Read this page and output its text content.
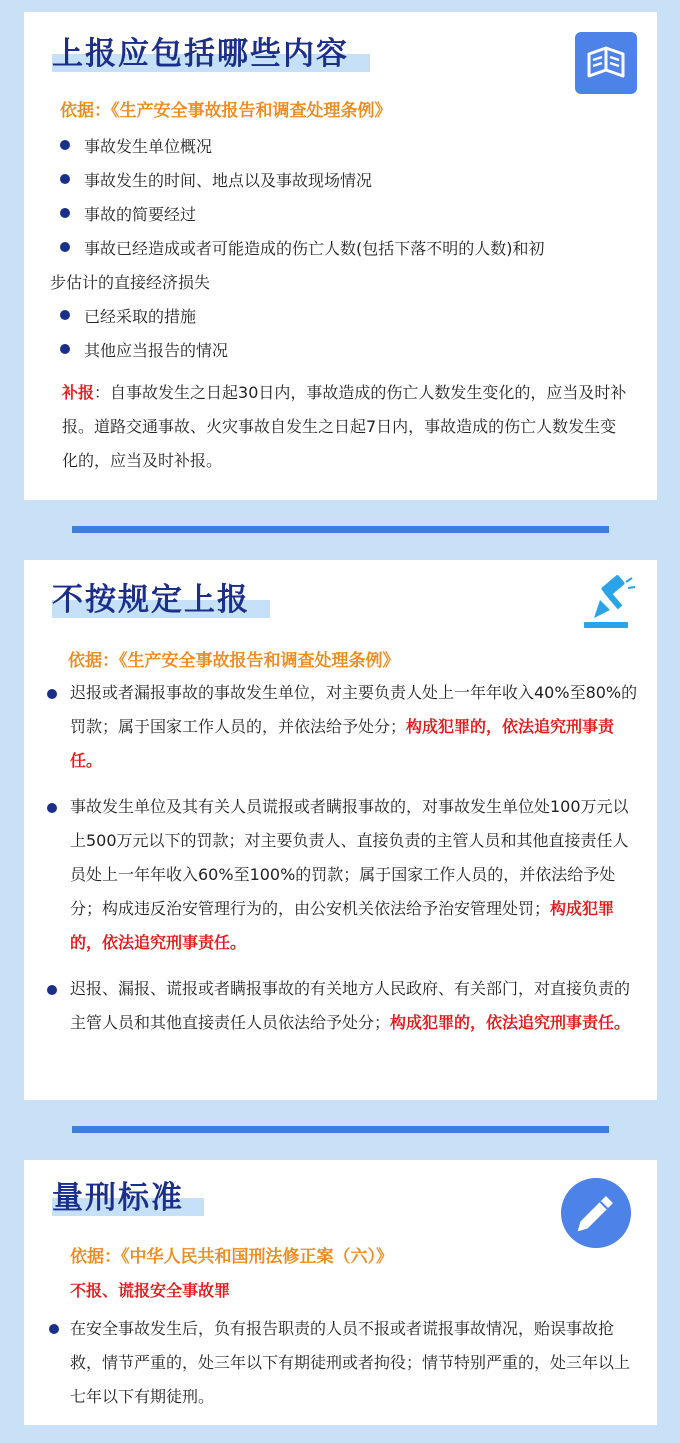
上报应包括哪些内容
依据：《生产安全事故报告和调查处理条例》
事故发生单位概况
事故发生的时间、地点以及事故现场情况
事故的简要经过
事故已经造成或者可能造成的伤亡人数(包括下落不明的人数)和初
步估计的直接经济损失
已经采取的措施
其他应当报告的情况
补报：自事故发生之日起30日内，事故造成的伤亡人数发生变化的，应当及时补报。道路交通事故、火灾事故自发生之日起7日内，事故造成的伤亡人数发生变化的，应当及时补报。
不按规定上报
依据：《生产安全事故报告和调查处理条例》
迟报或者漏报事故的事故发生单位，对主要负责人处上一年年收入40%至80%的罚款；属于国家工作人员的，并依法给予处分；构成犯罪的，依法追究刑事责任。
事故发生单位及其有关人员谎报或者瞒报事故的，对事故发生单位处100万元以上500万元以下的罚款；对主要负责人、直接负责的主管人员和其他直接责任人员处上一年年收入60%至100%的罚款；属于国家工作人员的，并依法给予处分；构成违反治安管理行为的，由公安机关依法给予治安管理处罚；构成犯罪的，依法追究刑事责任。
迟报、漏报、谎报或者瞒报事故的有关地方人民政府、有关部门，对直接负责的主管人员和其他直接责任人员依法给予处分；构成犯罪的，依法追究刑事责任。
量刑标准
依据：《中华人民共和国刑法修正案（六）》
不报、谎报安全事故罪
在安全事故发生后，负有报告职责的人员不报或者谎报事故情况，贻误事故抢救，情节严重的，处三年以下有期徒刑或者拘役；情节特别严重的，处三年以上七年以下有期徒刑。
